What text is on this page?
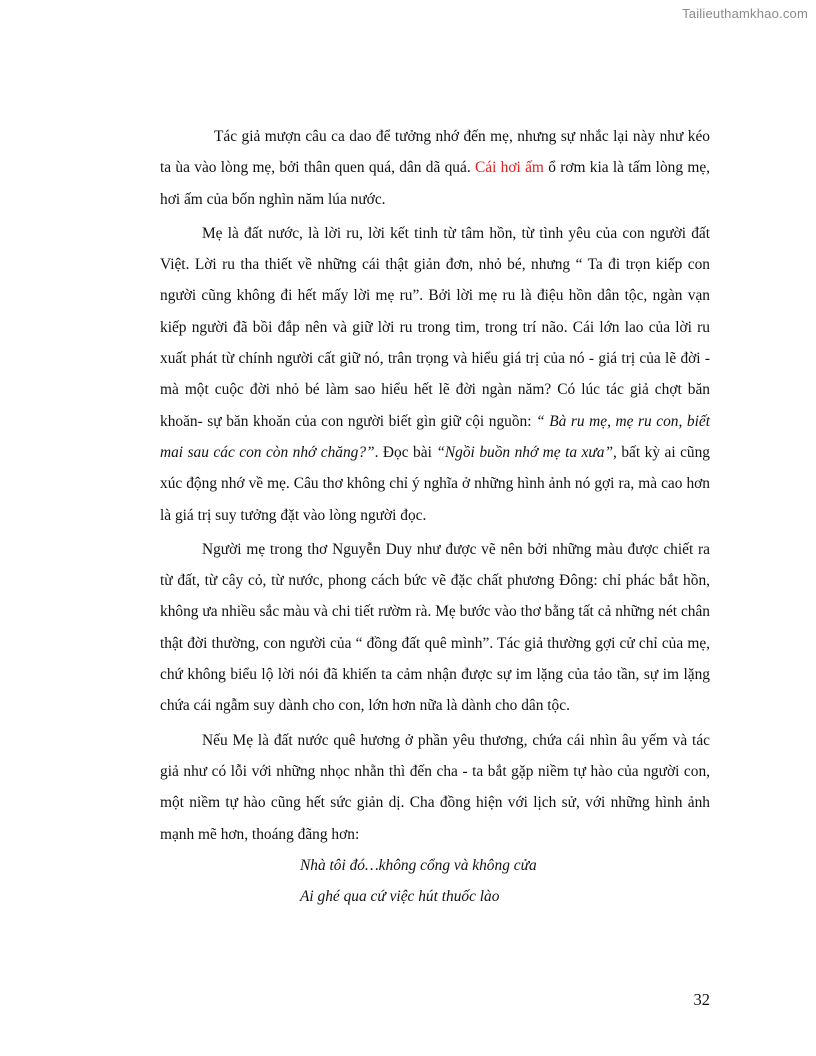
Tailieuthamkhao.com

Tác giả mượn câu ca dao để tưởng nhớ đến mẹ, nhưng sự nhắc lại này như kéo ta ùa vào lòng mẹ, bởi thân quen quá, dân dã quá. Cái hơi ấm ổ rơm kia là tấm lòng mẹ, hơi ấm của bốn nghìn năm lúa nước.

Mẹ là đất nước, là lời ru, lời kết tinh từ tâm hồn, từ tình yêu của con người đất Việt. Lời ru tha thiết về những cái thật giản đơn, nhỏ bé, nhưng “ Ta đi trọn kiếp con người cũng không đi hết mấy lời mẹ ru”. Bởi lời mẹ ru là điệu hồn dân tộc, ngàn vạn kiếp người đã bồi đắp nên và giữ lời ru trong tim, trong trí não. Cái lớn lao của lời ru xuất phát từ chính người cất giữ nó, trân trọng và hiểu giá trị của nó - giá trị của lẽ đời - mà một cuộc đời nhỏ bé làm sao hiểu hết lẽ đời ngàn năm? Có lúc tác giả chợt băn khoăn- sự băn khoăn của con người biết gìn giữ cội nguồn: “ Bà ru mẹ, mẹ ru con, biết mai sau các con còn nhớ chăng?”. Đọc bài “Ngồi buồn nhớ mẹ ta xưa”, bất kỳ ai cũng xúc động nhớ về mẹ. Câu thơ không chỉ ý nghĩa ở những hình ảnh nó gợi ra, mà cao hơn là giá trị suy tưởng đặt vào lòng người đọc.

Người mẹ trong thơ Nguyễn Duy như được vẽ nên bởi những màu được chiết ra từ đất, từ cây cỏ, từ nước, phong cách bức vẽ đặc chất phương Đông: chỉ phác bắt hồn, không ưa nhiều sắc màu và chi tiết rườm rà. Mẹ bước vào thơ bằng tất cả những nét chân thật đời thường, con người của “ đồng đất quê mình”. Tác giả thường gợi cử chỉ của mẹ, chứ không biểu lộ lời nói đã khiến ta cảm nhận được sự im lặng của tảo tần, sự im lặng chứa cái ngẫm suy dành cho con, lớn hơn nữa là dành cho dân tộc.

Nếu Mẹ là đất nước quê hương ở phần yêu thương, chứa cái nhìn âu yếm và tác giả như có lỗi với những nhọc nhằn thì đến cha - ta bắt gặp niềm tự hào của người con, một niềm tự hào cũng hết sức giản dị. Cha đồng hiện với lịch sử, với những hình ảnh mạnh mẽ hơn, thoáng đãng hơn:

Nhà tôi đó…không cổng và không cửa
Ai ghé qua cứ việc hút thuốc lào
32
